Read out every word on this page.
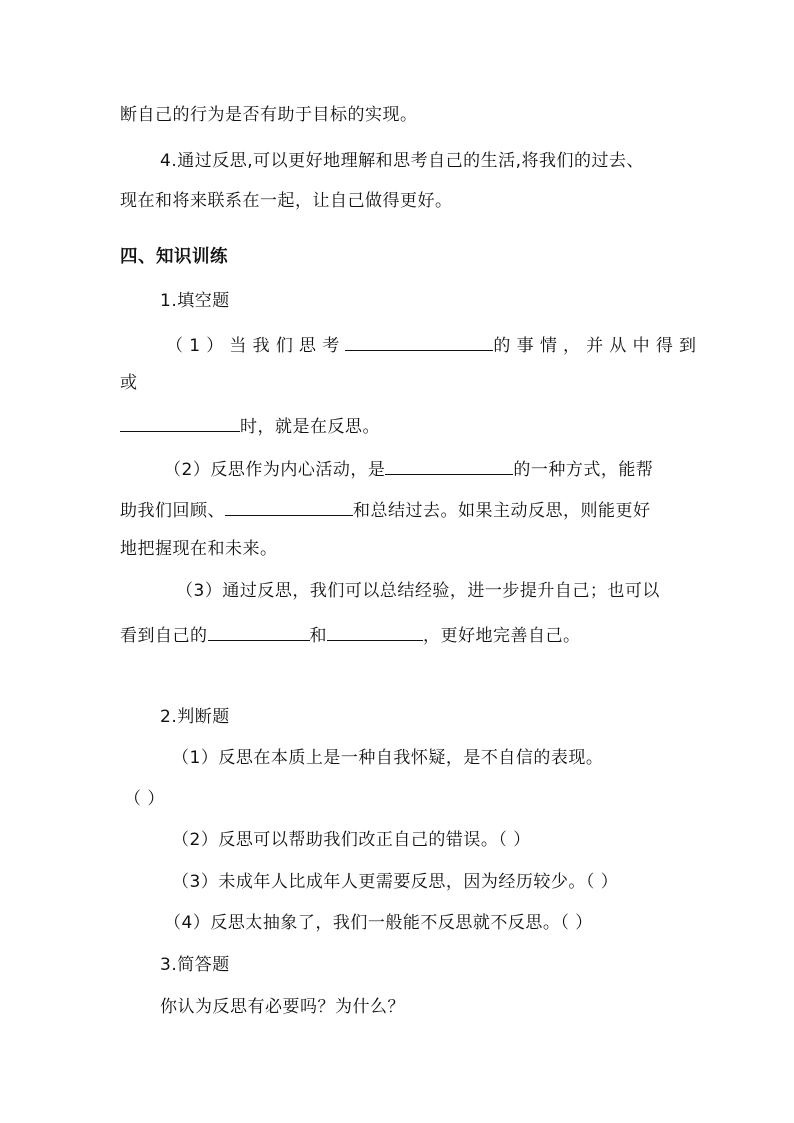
断自己的行为是否有助于目标的实现。
4.通过反思,可以更好地理解和思考自己的生活,将我们的过去、
现在和将来联系在一起，让自己做得更好。
四、知识训练
1.填空题
（1）当我们思考	的事情，并从中得到
或
时，就是在反思。
（2）反思作为内心活动，是	的一种方式，能帮
助我们回顾、	和总结过去。如果主动反思，则能更好
地把握现在和未来。
（3）通过反思，我们可以总结经验，进一步提升自己；也可以
看到自己的	和	，更好地完善自己。
2.判断题
（1）反思在本质上是一种自我怀疑，是不自信的表现。
（ ）
（2）反思可以帮助我们改正自己的错误。（ ）
（3）未成年人比成年人更需要反思，因为经历较少。（ ）
（4）反思太抽象了，我们一般能不反思就不反思。（ ）
3.简答题
你认为反思有必要吗？为什么？
